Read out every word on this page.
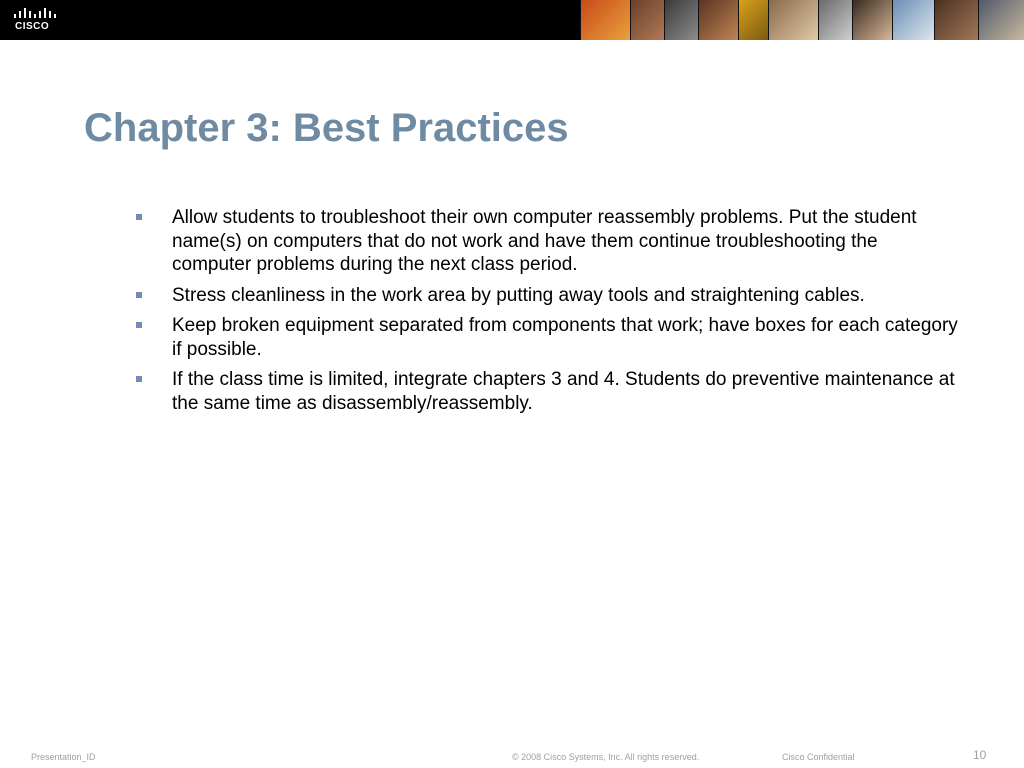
CISCO
Chapter 3: Best Practices
Allow students to troubleshoot their own computer reassembly problems. Put the student name(s) on computers that do not work and have them continue troubleshooting the computer problems during the next class period.
Stress cleanliness in the work area by putting away tools and straightening cables.
Keep broken equipment separated from components that work; have boxes for each category if possible.
If the class time is limited, integrate chapters 3 and 4. Students do preventive maintenance at the same time as disassembly/reassembly.
Presentation_ID	© 2008 Cisco Systems, Inc. All rights reserved.	Cisco Confidential	10
